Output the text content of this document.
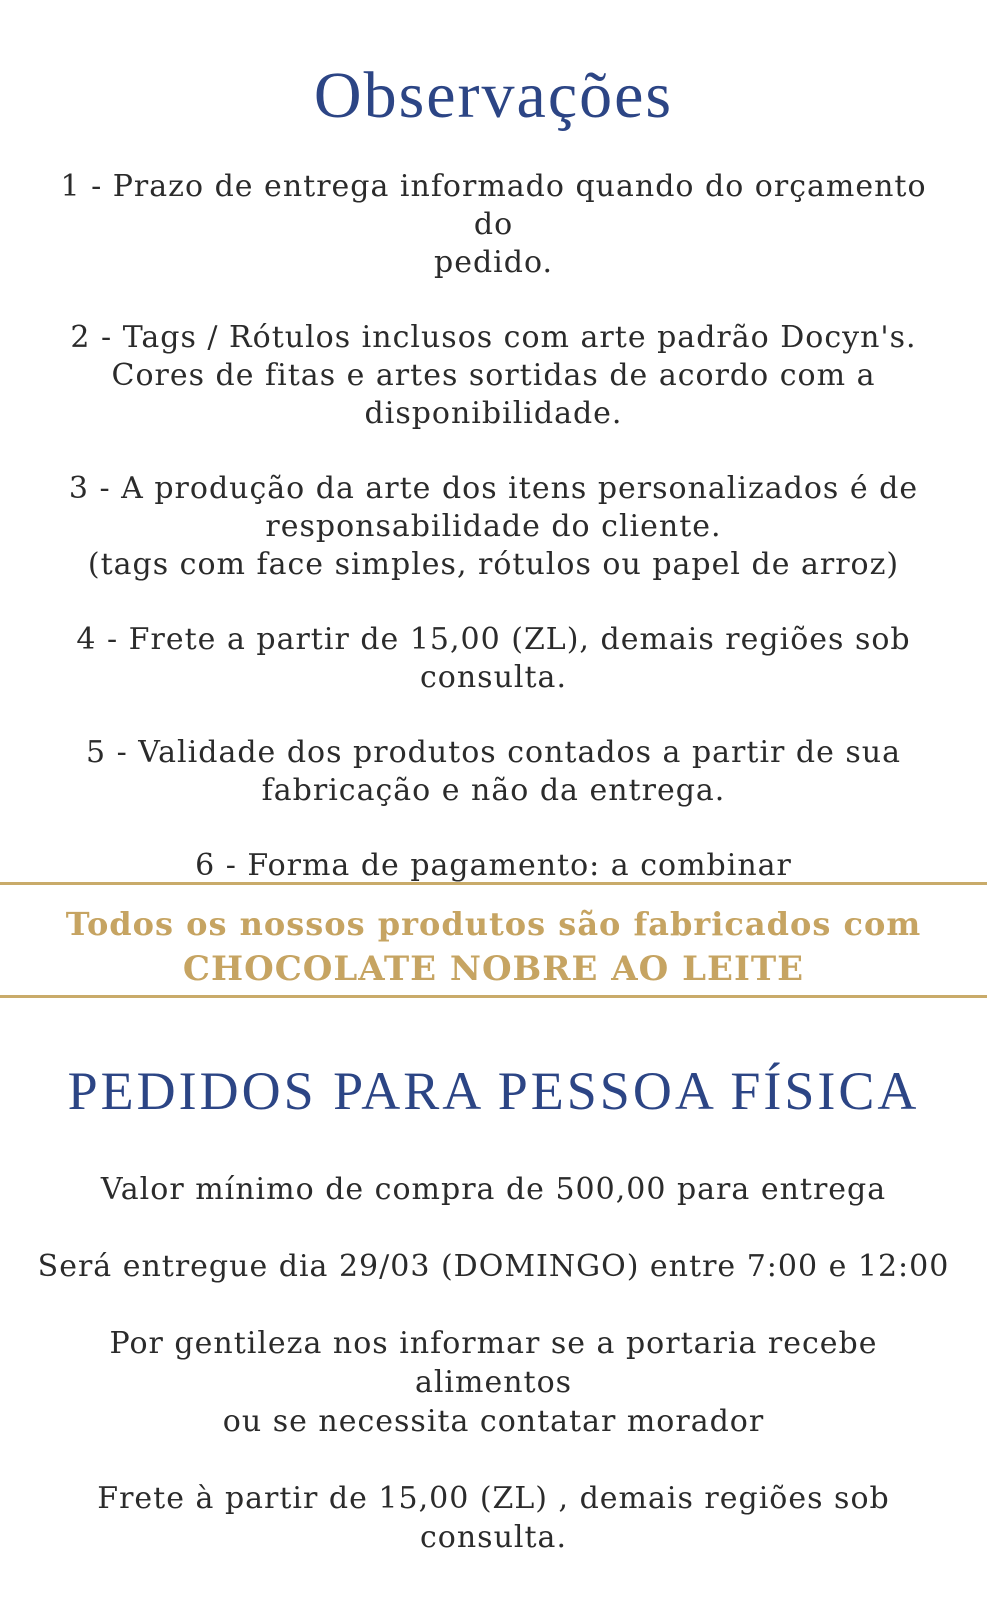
Observações
1 - Prazo de entrega informado quando do orçamento do
pedido.
2 - Tags / Rótulos inclusos com arte padrão Docyn's.
Cores de fitas e artes sortidas de acordo com a
disponibilidade.
3 - A produção da arte dos itens personalizados é de
responsabilidade do cliente.
(tags com face simples, rótulos ou papel de arroz)
4 - Frete a partir de 15,00 (ZL), demais regiões sob
consulta.
5 - Validade dos produtos contados a partir de sua
fabricação e não da entrega.
6 - Forma de pagamento: a combinar
Todos os nossos produtos são fabricados com
CHOCOLATE NOBRE AO LEITE
PEDIDOS PARA PESSOA FÍSICA
Valor mínimo de compra de 500,00 para entrega
Será entregue dia 29/03 (DOMINGO) entre 7:00 e 12:00
Por gentileza nos informar se a portaria recebe alimentos
ou se necessita contatar morador
Frete à partir de 15,00 (ZL) , demais regiões sob consulta.
